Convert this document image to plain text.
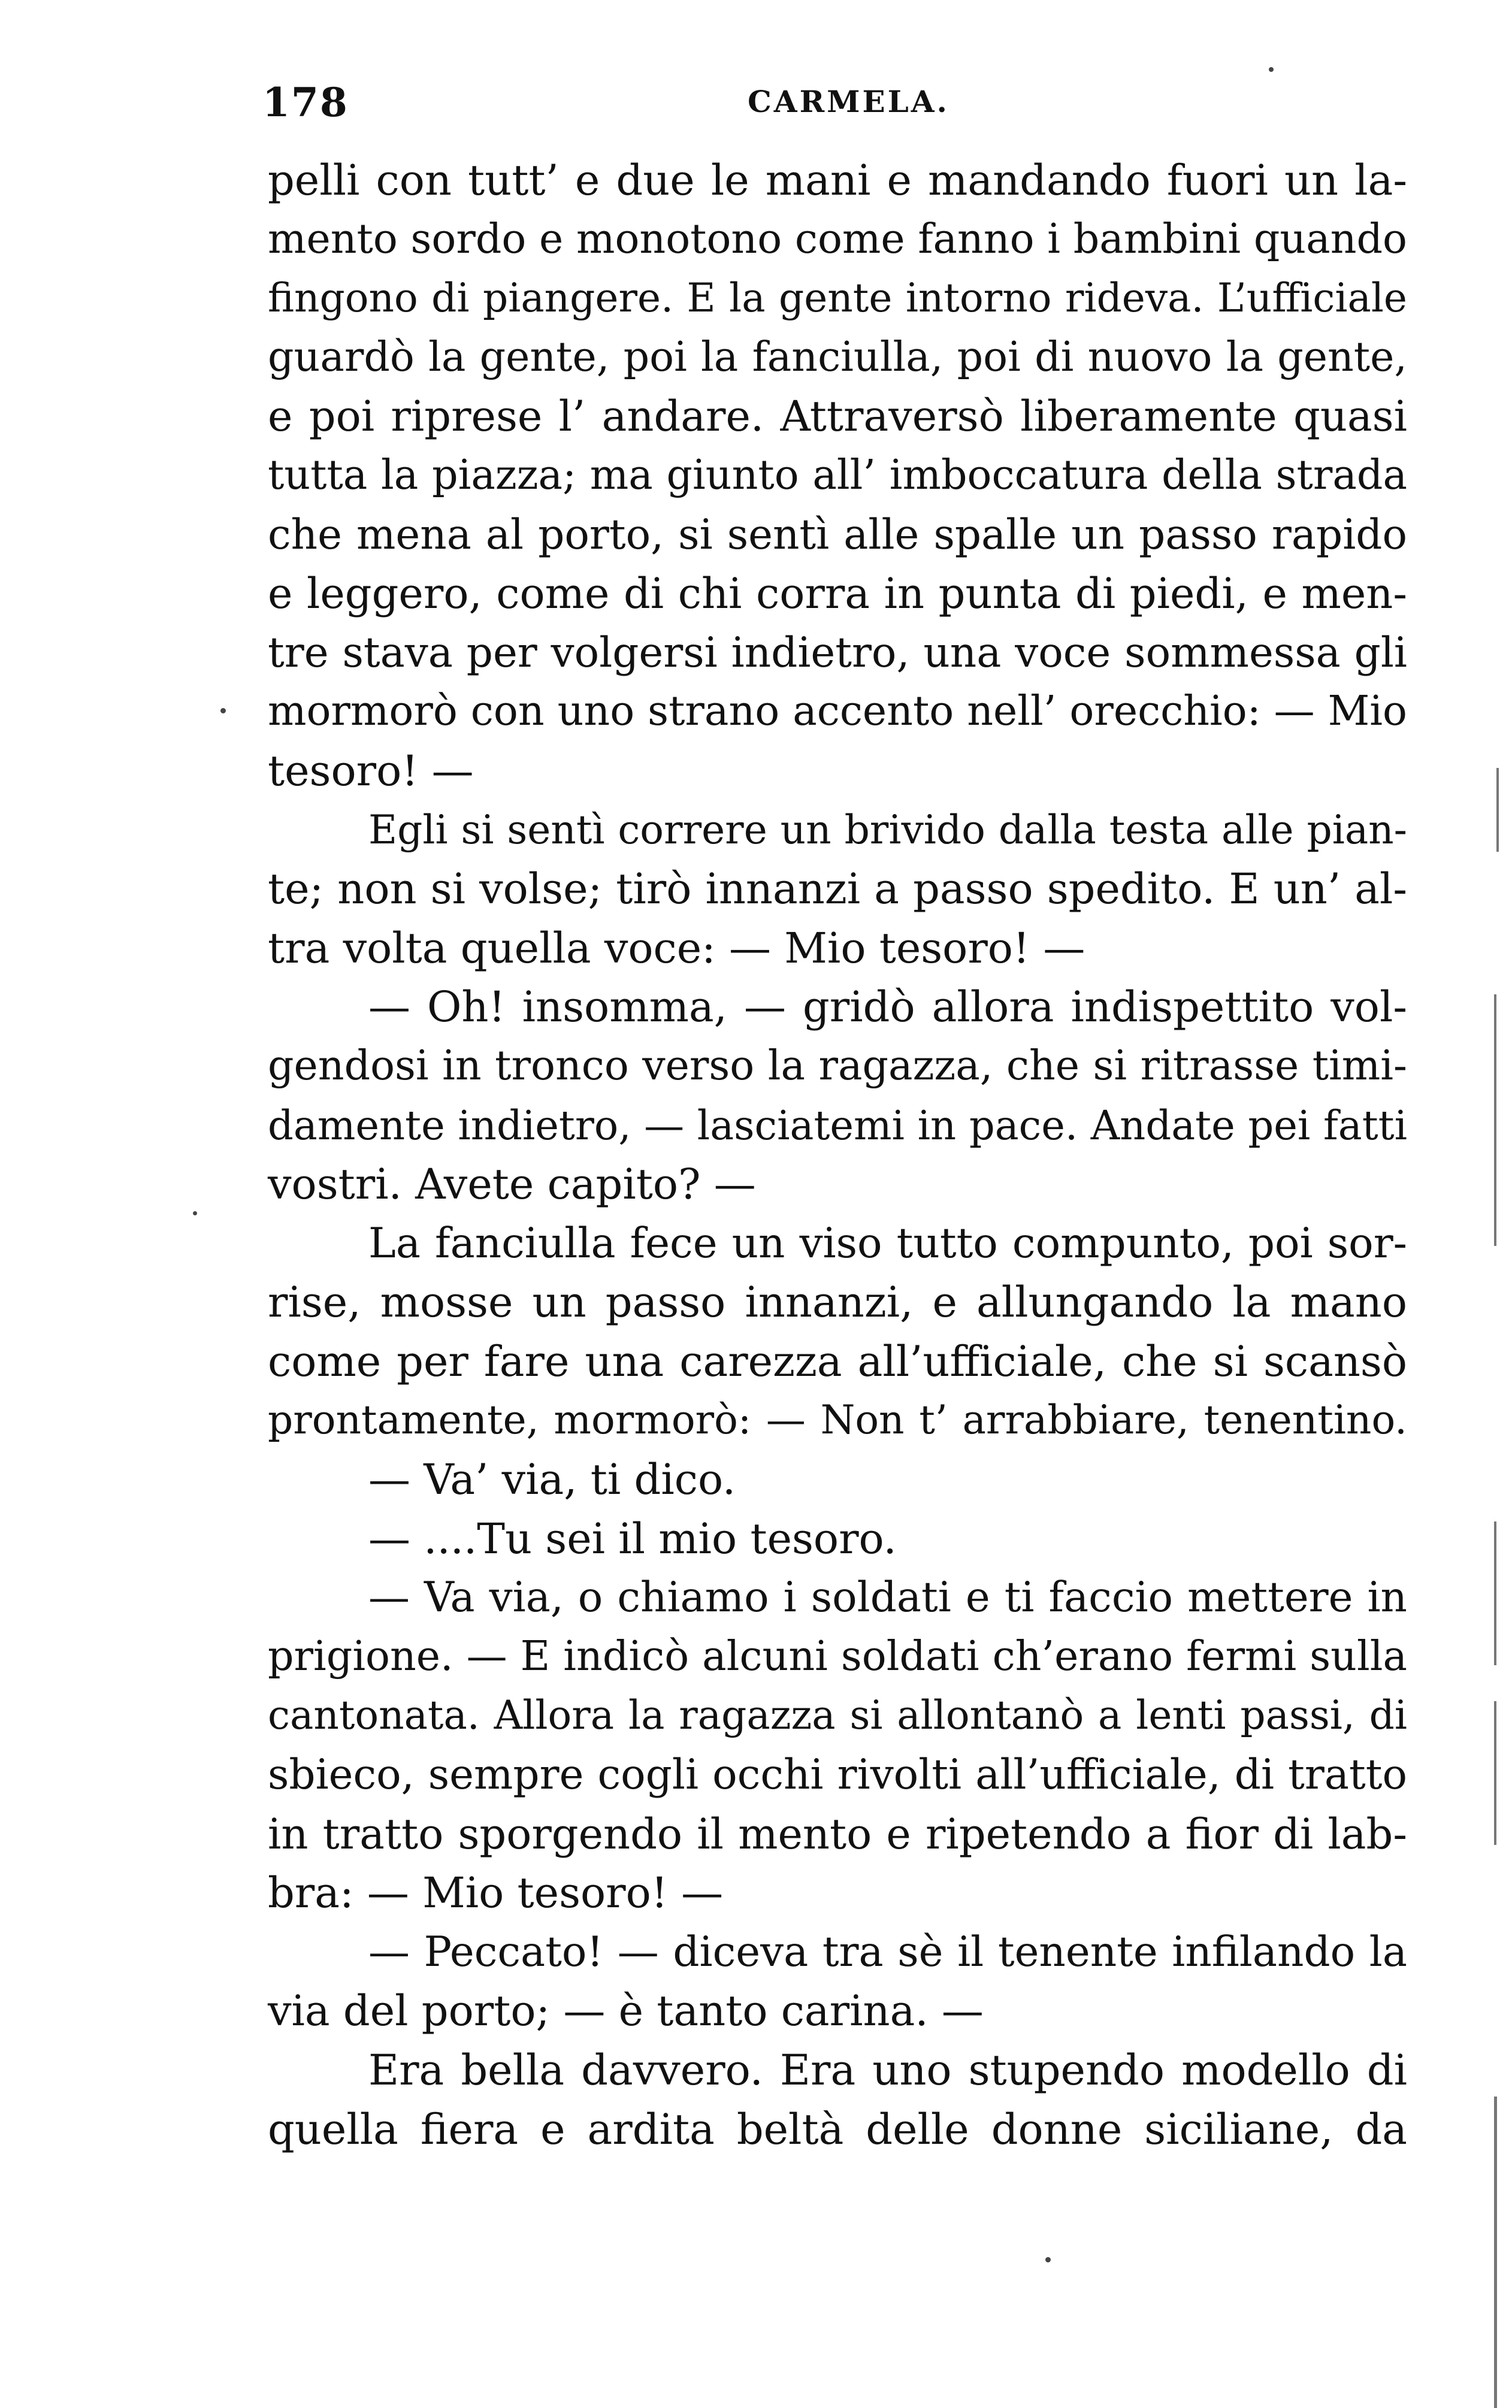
178	CARMELA.
pelli con tutt’ e due le mani e mandando fuori un la-
mento sordo e monotono come fanno i bambini quando
fingono di piangere. E la gente intorno rideva. L’ufficiale
guardò la gente, poi la fanciulla, poi di nuovo la gente,
e poi riprese l’ andare. Attraversò liberamente quasi
tutta la piazza; ma giunto all’ imboccatura della strada
che mena al porto, si sentì alle spalle un passo rapido
e leggero, come di chi corra in punta di piedi, e men-
tre stava per volgersi indietro, una voce sommessa gli
mormorò con uno strano accento nell’ orecchio: — Mio
tesoro! —
Egli si sentì correre un brivido dalla testa alle pian-
te; non si volse; tirò innanzi a passo spedito. E un’ al-
tra volta quella voce: — Mio tesoro! —
— Oh! insomma, — gridò allora indispettito vol-
gendosi in tronco verso la ragazza, che si ritrasse timi-
damente indietro, — lasciatemi in pace. Andate pei fatti
vostri. Avete capito? —
La fanciulla fece un viso tutto compunto, poi sor-
rise, mosse un passo innanzi, e allungando la mano
come per fare una carezza all’ufficiale, che si scansò
prontamente, mormorò: — Non t’ arrabbiare, tenentino.
— Va’ via, ti dico.
— ....Tu sei il mio tesoro.
— Va via, o chiamo i soldati e ti faccio mettere in
prigione. — E indicò alcuni soldati ch’erano fermi sulla
cantonata. Allora la ragazza si allontanò a lenti passi, di
sbieco, sempre cogli occhi rivolti all’ufficiale, di tratto
in tratto sporgendo il mento e ripetendo a fior di lab-
bra: — Mio tesoro! —
— Peccato! — diceva tra sè il tenente infilando la
via del porto; — è tanto carina. —
Era bella davvero. Era uno stupendo modello di
quella fiera e ardita beltà delle donne siciliane, da
